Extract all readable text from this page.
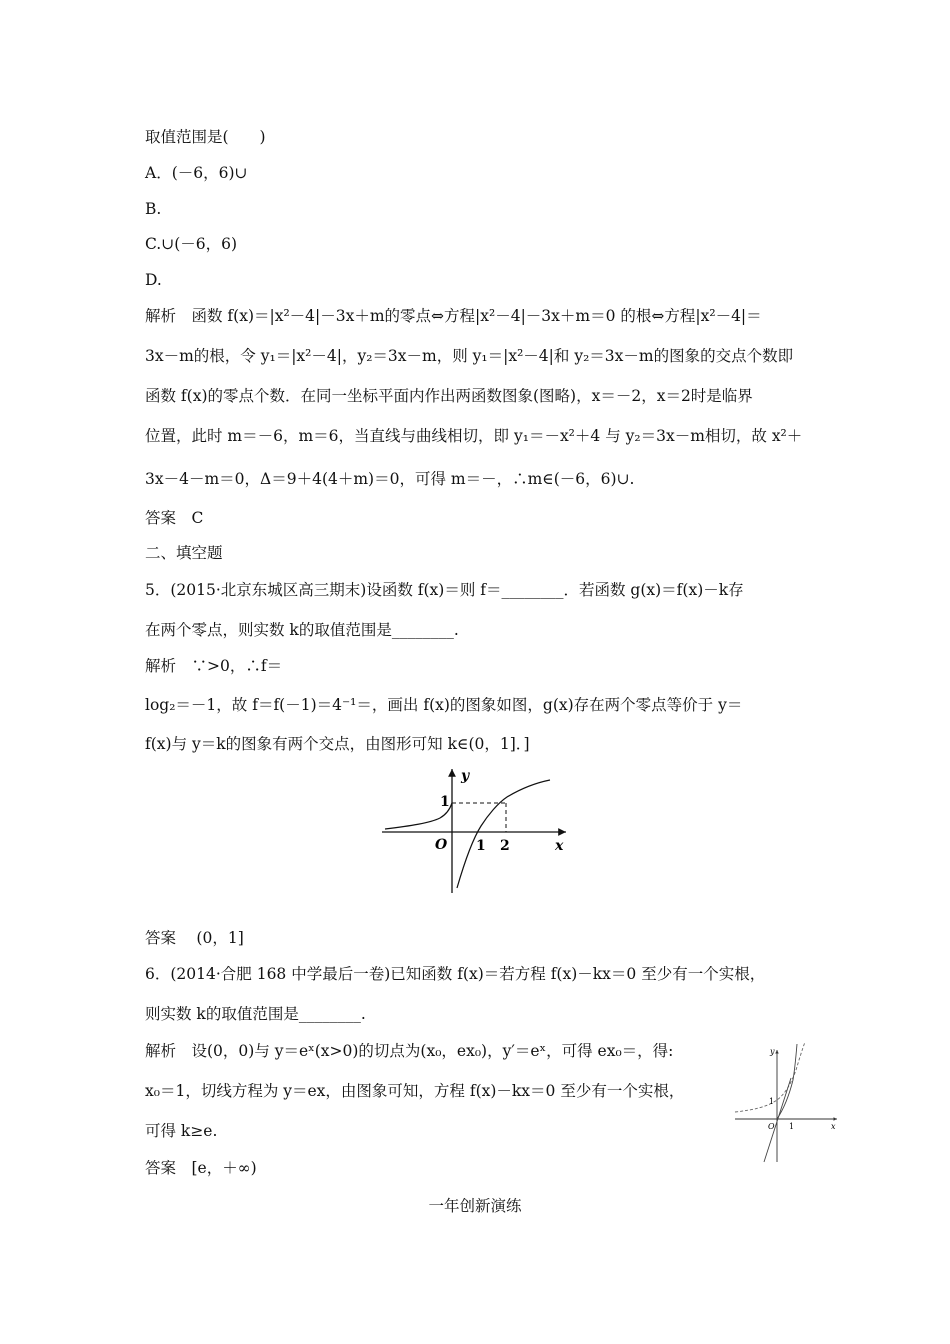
取值范围是(　　)
A．(－6，6)∪
B.
C.∪(－6，6)
D.
解析　函数 f(x)＝|x²－4|－3x＋m的零点⇔方程|x²－4|－3x＋m＝0 的根⇔方程|x²－4|＝
3x－m的根，令 y₁＝|x²－4|，y₂＝3x－m，则 y₁＝|x²－4|和 y₂＝3x－m的图象的交点个数即
函数 f(x)的零点个数．在同一坐标平面内作出两函数图象(图略)，x＝－2，x＝2时是临界
位置，此时 m＝－6，m＝6，当直线与曲线相切，即 y₁＝－x²＋4 与 y₂＝3x－m相切，故 x²＋
3x－4－m＝0，Δ＝9＋4(4＋m)＝0，可得 m＝－，∴m∈(－6，6)∪.
答案　C
二、填空题
5．(2015·北京东城区高三期末)设函数 f(x)＝则 f＝________．若函数 g(x)＝f(x)－k存
在两个零点，则实数 k的取值范围是________.
解析　∵>0，∴f＝
log₂＝－1，故 f＝f(－1)＝4⁻¹＝，画出 f(x)的图象如图，g(x)存在两个零点等价于 y＝
f(x)与 y＝k的图象有两个交点，由图形可知 k∈(0，1]．]
y
1
O 1 2	x
答案　 (0，1]
6．(2014·合肥 168 中学最后一卷)已知函数 f(x)＝若方程 f(x)－kx＝0 至少有一个实根，
则实数 k的取值范围是________.
解析　设(0，0)与 y＝eˣ(x>0)的切点为(x₀，ex₀)，y′＝eˣ，可得 ex₀＝，得:
x₀＝1，切线方程为 y＝ex，由图象可知，方程 f(x)－kx＝0 至少有一个实根，
可得 k≥e.
答案　[e，＋∞)
y
1
O 1	x
一年创新演练
